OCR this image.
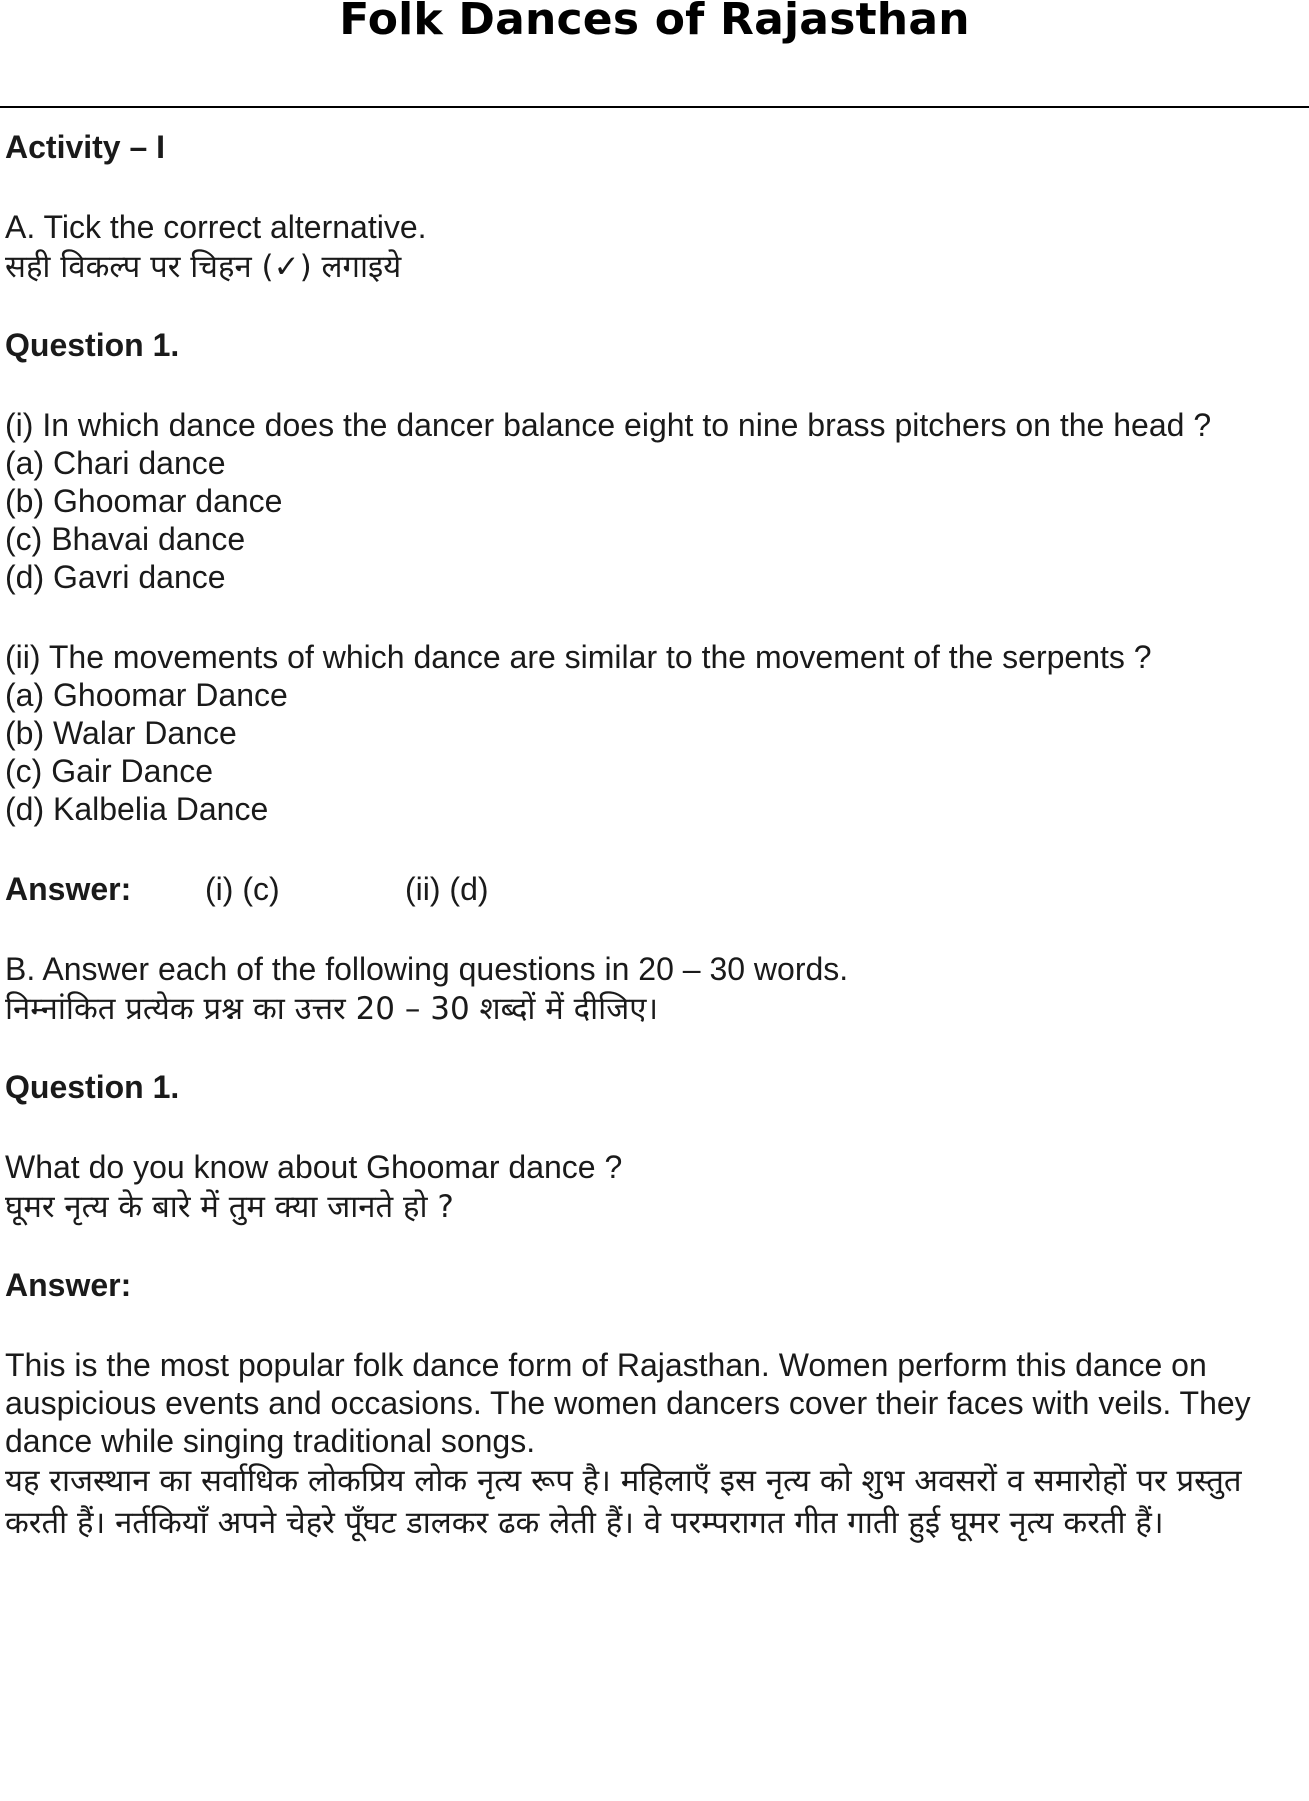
Folk Dances of Rajasthan
Activity – I
A. Tick the correct alternative.
सही विकल्प पर चिहन (✓) लगाइये
Question 1.
(i) In which dance does the dancer balance eight to nine brass pitchers on the head ?
(a) Chari dance
(b) Ghoomar dance
(c) Bhavai dance
(d) Gavri dance
(ii) The movements of which dance are similar to the movement of the serpents ?
(a) Ghoomar Dance
(b) Walar Dance
(c) Gair Dance
(d) Kalbelia Dance
Answer:	(i) (c)	(ii) (d)
B. Answer each of the following questions in 20 – 30 words.
निम्नांकित प्रत्येक प्रश्न का उत्तर 20 – 30 शब्दों में दीजिए।
Question 1.
What do you know about Ghoomar dance ?
घूमर नृत्य के बारे में तुम क्या जानते हो ?
Answer:
This is the most popular folk dance form of Rajasthan. Women perform this dance on auspicious events and occasions. The women dancers cover their faces with veils. They dance while singing traditional songs.
यह राजस्थान का सर्वाधिक लोकप्रिय लोक नृत्य रूप है। महिलाएँ इस नृत्य को शुभ अवसरों व समारोहों पर प्रस्तुत करती हैं। नर्तकियाँ अपने चेहरे पूँघट डालकर ढक लेती हैं। वे परम्परागत गीत गाती हुई घूमर नृत्य करती हैं।
